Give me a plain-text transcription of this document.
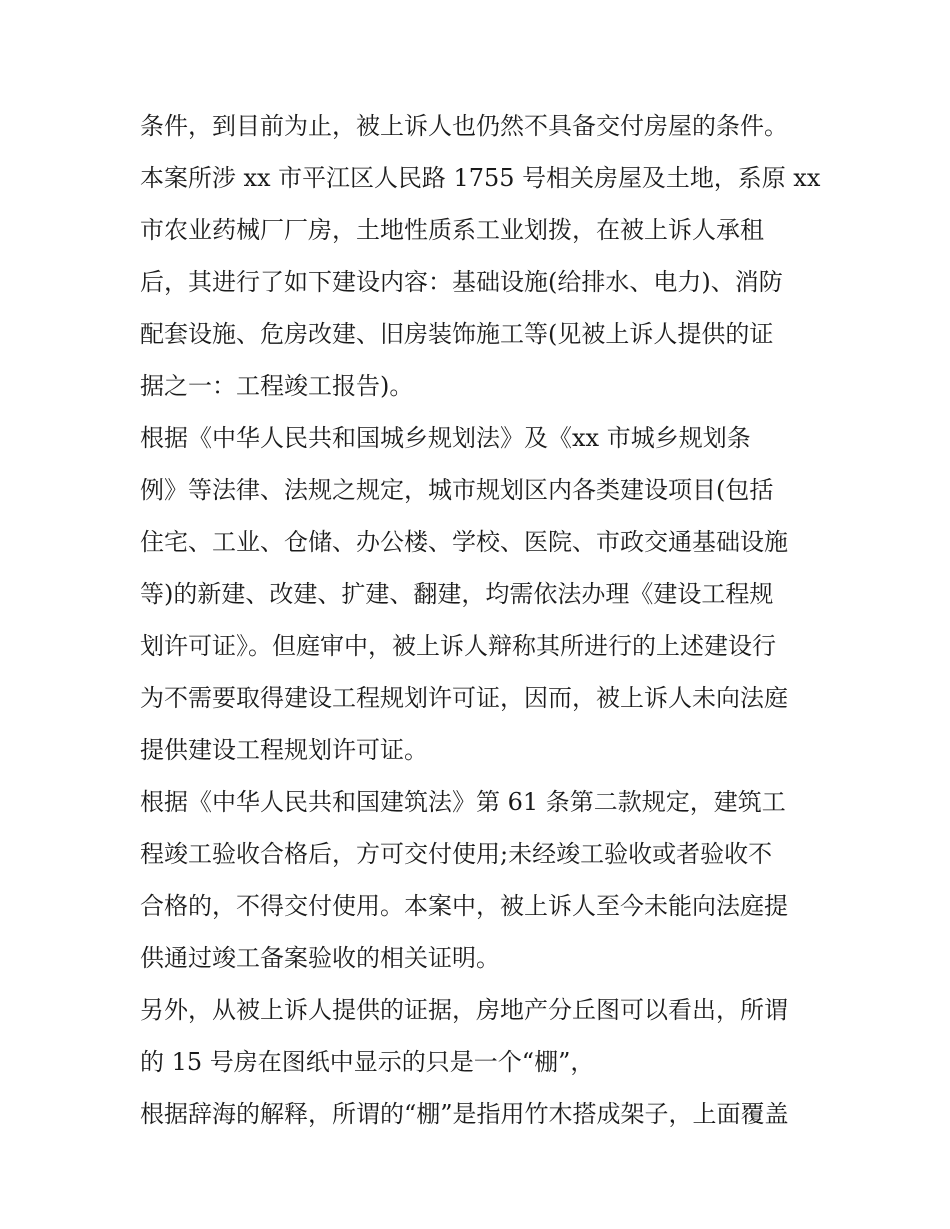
条件，到目前为止，被上诉人也仍然不具备交付房屋的条件。
本案所涉 xx 市平江区人民路 1755 号相关房屋及土地，系原 xx
市农业药械厂厂房，土地性质系工业划拨，在被上诉人承租
后，其进行了如下建设内容：基础设施(给排水、电力)、消防
配套设施、危房改建、旧房装饰施工等(见被上诉人提供的证
据之一：工程竣工报告)。
根据《中华人民共和国城乡规划法》及《xx 市城乡规划条
例》等法律、法规之规定，城市规划区内各类建设项目(包括
住宅、工业、仓储、办公楼、学校、医院、市政交通基础设施
等)的新建、改建、扩建、翻建，均需依法办理《建设工程规
划许可证》。但庭审中，被上诉人辩称其所进行的上述建设行
为不需要取得建设工程规划许可证，因而，被上诉人未向法庭
提供建设工程规划许可证。
根据《中华人民共和国建筑法》第 61 条第二款规定，建筑工
程竣工验收合格后，方可交付使用;未经竣工验收或者验收不
合格的，不得交付使用。本案中，被上诉人至今未能向法庭提
供通过竣工备案验收的相关证明。
另外，从被上诉人提供的证据，房地产分丘图可以看出，所谓
的 15 号房在图纸中显示的只是一个“棚”，
根据辞海的解释，所谓的“棚”是指用竹木搭成架子，上面覆盖
